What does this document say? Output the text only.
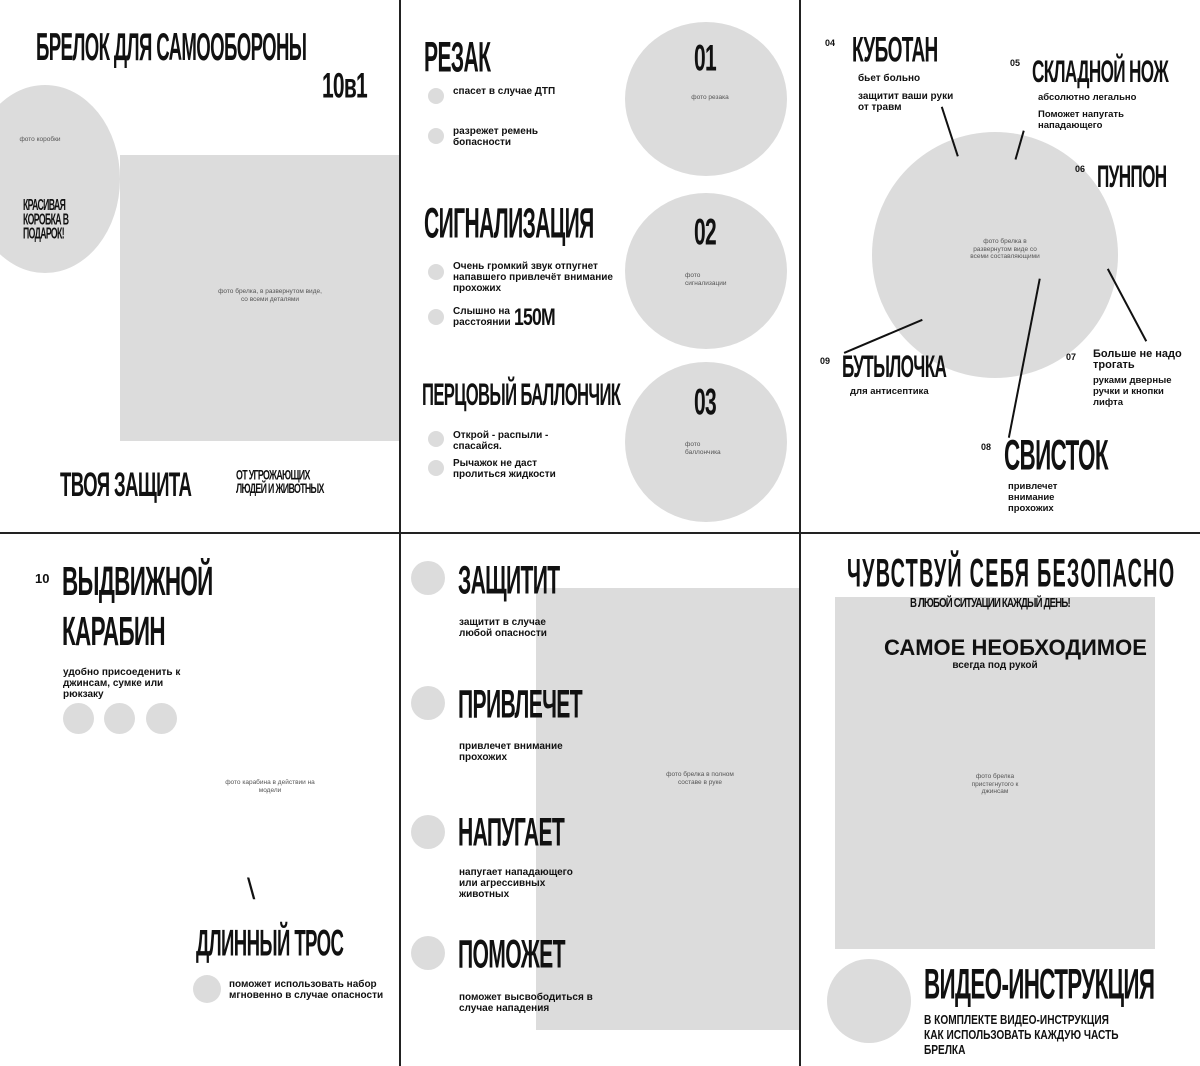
БРЕЛОК ДЛЯ САМООБОРОНЫ
10в1
фото коробки
КРАСИВАЯ КОРОБКА В ПОДАРОК!
фото брелка, в развернутом виде, со всеми деталями
ТВОЯ ЗАЩИТА	ОТ УГРОЖАЮЩИХ ЛЮДЕЙ И ЖИВОТНЫХ
РЕЗАК	01
фото резака
спасет в случае ДТП
разрежет ремень бопасности
СИГНАЛИЗАЦИЯ	02
фото сигнализации
Очень громкий звук отпугнет напавшего привлечёт внимание прохожих
Слышно на расстоянии 150М
ПЕРЦОВЫЙ БАЛЛОНЧИК 03
фото баллончика
Открой - распыли - спасайся.
Рычажок не даст пролиться жидкости
фото брелка в развернутом виде со всеми составляющими
04 КУБОТАН
бьет больно
защитит ваши руки от травм
05 СКЛАДНОЙ НОЖ
абсолютно легально
Поможет напугать нападающего
06 ПУНПОН
09 БУТЫЛОЧКА
для антисептика
07 Больше не надо трогать
руками дверные ручки и кнопки лифта
08 СВИСТОК
привлечет внимание прохожих
10 ВЫДВИЖНОЙ
КАРАБИН
удобно присоеденить к джинсам, сумке или рюкзаку
фото карабина в действии на модели
\
ДЛИННЫЙ ТРОС
поможет использовать набор мгновенно в случае опасности
фото брелка в полном составе в руке
ЗАЩИТИТ
защитит в случае любой опасности
ПРИВЛЕЧЕТ
привлечет внимание прохожих
НАПУГАЕТ
напугает нападающего или агрессивных животных
ПОМОЖЕТ
поможет высвободиться в случае нападения
ЧУВСТВУЙ СЕБЯ БЕЗОПАСНО
В ЛЮБОЙ СИТУАЦИИ КАЖДЫЙ ДЕНЬ!
САМОЕ НЕОБХОДИМОЕ
всегда под рукой
фото брелка пристегнутого к джинсам
ВИДЕО-ИНСТРУКЦИЯ
В КОМПЛЕКТЕ ВИДЕО-ИНСТРУКЦИЯ КАК ИСПОЛЬЗОВАТЬ КАЖДУЮ ЧАСТЬ БРЕЛКА
